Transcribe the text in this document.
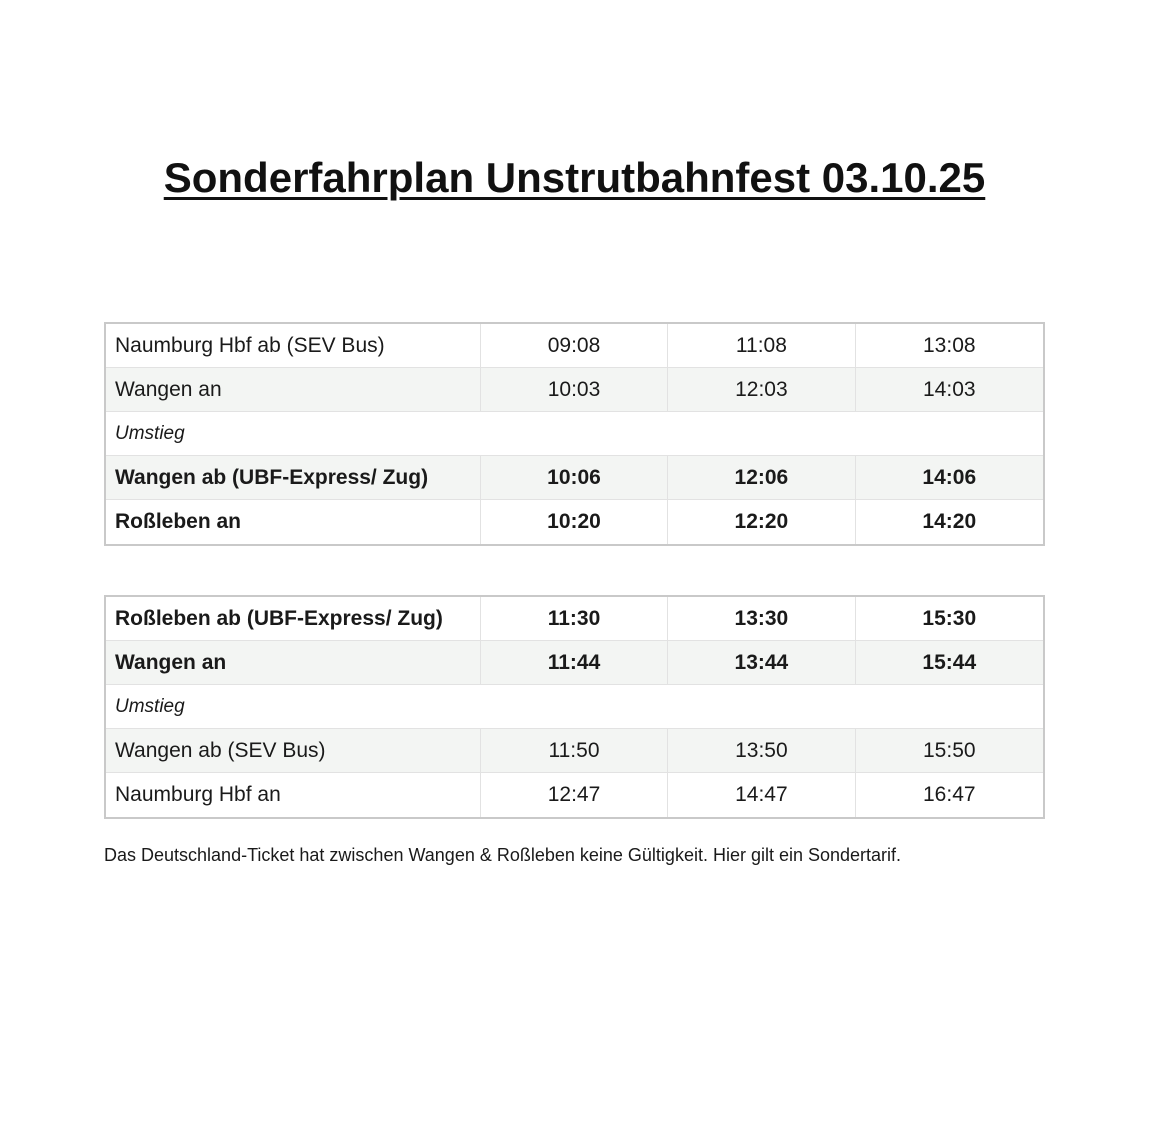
Sonderfahrplan Unstrutbahnfest 03.10.25
Naumburg Hbf ab (SEV Bus)	09:08	11:08	13:08
Wangen an	10:03	12:03	14:03
Umstieg
Wangen ab (UBF-Express/ Zug)	10:06	12:06	14:06
Roßleben an	10:20	12:20	14:20
Roßleben ab (UBF-Express/ Zug)	11:30	13:30	15:30
Wangen an	11:44	13:44	15:44
Umstieg
Wangen ab (SEV Bus)	11:50	13:50	15:50
Naumburg Hbf an	12:47	14:47	16:47
Das Deutschland-Ticket hat zwischen Wangen & Roßleben keine Gültigkeit. Hier gilt ein Sondertarif.
